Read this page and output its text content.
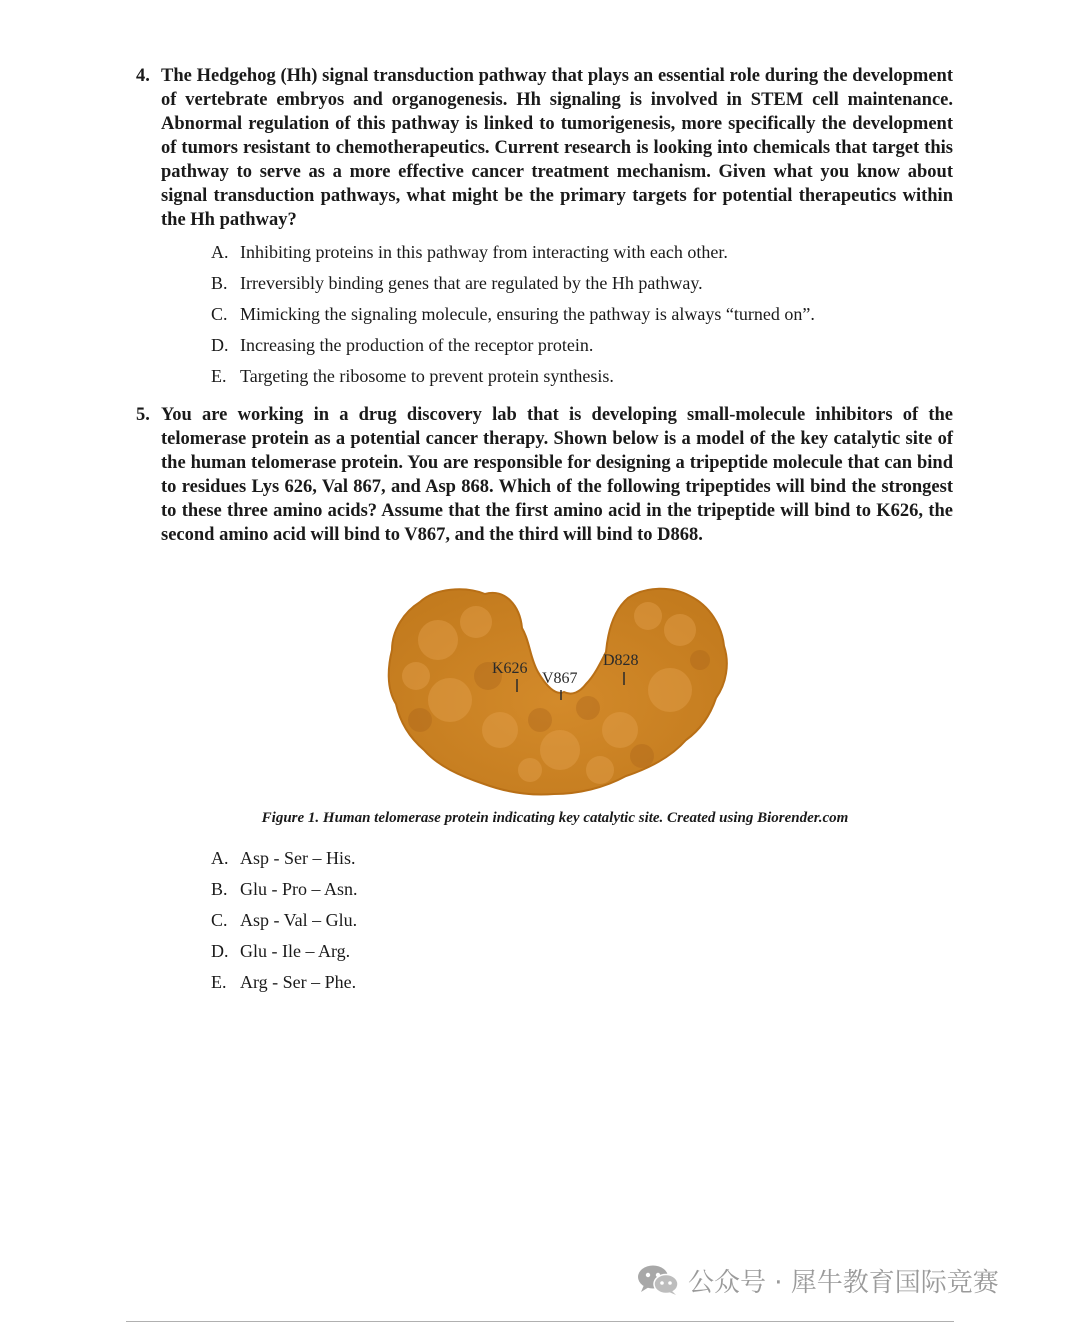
4. The Hedgehog (Hh) signal transduction pathway that plays an essential role during the development of vertebrate embryos and organogenesis. Hh signaling is involved in STEM cell maintenance. Abnormal regulation of this pathway is linked to tumorigenesis, more specifically the development of tumors resistant to chemotherapeutics. Current research is looking into chemicals that target this pathway to serve as a more effective cancer treatment mechanism. Given what you know about signal transduction pathways, what might be the primary targets for potential therapeutics within the Hh pathway?
A. Inhibiting proteins in this pathway from interacting with each other.
B. Irreversibly binding genes that are regulated by the Hh pathway.
C. Mimicking the signaling molecule, ensuring the pathway is always “turned on”.
D. Increasing the production of the receptor protein.
E. Targeting the ribosome to prevent protein synthesis.
5. You are working in a drug discovery lab that is developing small-molecule inhibitors of the telomerase protein as a potential cancer therapy. Shown below is a model of the key catalytic site of the human telomerase protein. You are responsible for designing a tripeptide molecule that can bind to residues Lys 626, Val 867, and Asp 868. Which of the following tripeptides will bind the strongest to these three amino acids? Assume that the first amino acid in the tripeptide will bind to K626, the second amino acid will bind to V867, and the third will bind to D868.
K626
V867
D828
Figure 1. Human telomerase protein indicating key catalytic site. Created using Biorender.com
A. Asp - Ser – His.
B. Glu - Pro – Asn.
C. Asp - Val – Glu.
D. Glu - Ile – Arg.
E. Arg - Ser – Phe.
公众号 · 犀牛教育国际竞赛
